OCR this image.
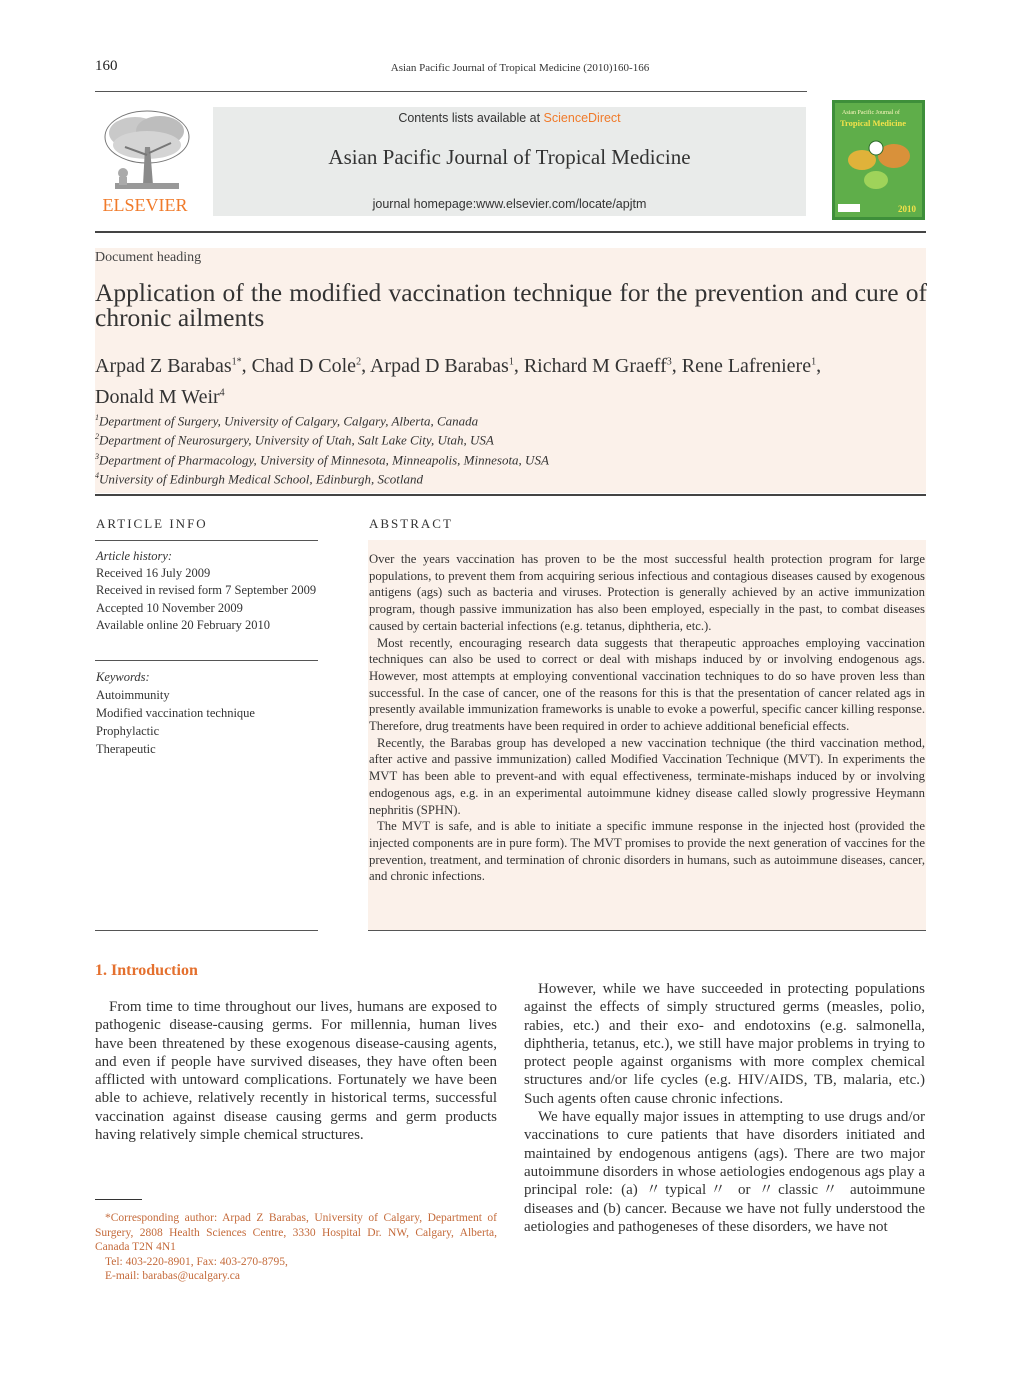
160	Asian Pacific Journal of Tropical Medicine (2010)160-166
ELSEVIER
Contents lists available at ScienceDirect
Asian Pacific Journal of Tropical Medicine
journal homepage:www.elsevier.com/locate/apjtm
Asian Pacific Journal of
Tropical Medicine
2010
Document heading
Application of the modified vaccination technique for the prevention and cure of chronic ailments
Arpad Z Barabas$^{1*}$, Chad D Cole$^2$, Arpad D Barabas$^1$, Richard M Graeff$^3$, Rene Lafreniere$^1$,
Donald M Weir$^4$
$^1$Department of Surgery, University of Calgary, Calgary, Alberta, Canada
$^2$Department of Neurosurgery, University of Utah, Salt Lake City, Utah, USA
$^3$Department of Pharmacology, University of Minnesota, Minneapolis, Minnesota, USA
$^4$University of Edinburgh Medical School, Edinburgh, Scotland
ARTICLE INFO
Article history:
Received 16 July 2009
Received in revised form 7 September 2009
Accepted 10 November 2009
Available online 20 February 2010
Keywords:
Autoimmunity
Modified vaccination technique
Prophylactic
Therapeutic
ABSTRACT

Over the years vaccination has proven to be the most successful health protection program for large populations, to prevent them from acquiring serious infectious and contagious diseases caused by exogenous antigens (ags) such as bacteria and viruses. Protection is generally achieved by an active immunization program, though passive immunization has also been employed, especially in the past, to combat diseases caused by certain bacterial infections (e.g. tetanus, diphtheria, etc.).

Most recently, encouraging research data suggests that therapeutic approaches employing vaccination techniques can also be used to correct or deal with mishaps induced by or involving endogenous ags. However, most attempts at employing conventional vaccination techniques to do so have proven less than successful. In the case of cancer, one of the reasons for this is that the presentation of cancer related ags in presently available immunization frameworks is unable to evoke a powerful, specific cancer killing response. Therefore, drug treatments have been required in order to achieve additional beneficial effects.

Recently, the Barabas group has developed a new vaccination technique (the third vaccination method, after active and passive immunization) called Modified Vaccination Technique (MVT). In experiments the MVT has been able to prevent-and with equal effectiveness, terminate-mishaps induced by or involving endogenous ags, e.g. in an experimental autoimmune kidney disease called slowly progressive Heymann nephritis (SPHN).

The MVT is safe, and is able to initiate a specific immune response in the injected host (provided the injected components are in pure form). The MVT promises to provide the next generation of vaccines for the prevention, treatment, and termination of chronic disorders in humans, such as autoimmune diseases, cancer, and chronic infections.

1. Introduction

From time to time throughout our lives, humans are exposed to pathogenic disease-causing germs. For millennia, human lives have been threatened by these exogenous disease-causing agents, and even if people have survived diseases, they have often been afflicted with untoward complications. Fortunately we have been able to achieve, relatively recently in historical terms, successful vaccination against disease causing germs and germ products having relatively simple chemical structures.

However, while we have succeeded in protecting populations against the effects of simply structured germs (measles, polio, rabies, etc.) and their exo- and endotoxins (e.g. salmonella, diphtheria, tetanus, etc.), we still have major problems in trying to protect people against organisms with more complex chemical structures and/or life cycles (e.g. HIV/AIDS, TB, malaria, etc.) Such agents often cause chronic infections.

We have equally major issues in attempting to use drugs and/or vaccinations to cure patients that have disorders initiated and maintained by endogenous antigens (ags). There are two major autoimmune disorders in whose aetiologies endogenous ags play a principal role: (a) 〃typical〃 or 〃classic〃 autoimmune diseases and (b) cancer. Because we have not fully understood the aetiologies and pathogeneses of these disorders, we have not

*Corresponding author: Arpad Z Barabas, University of Calgary, Department of Surgery, 2808 Health Sciences Centre, 3330 Hospital Dr. NW, Calgary, Alberta, Canada T2N 4N1

Tel: 403-220-8901, Fax: 403-270-8795,

E-mail: barabas@ucalgary.ca
